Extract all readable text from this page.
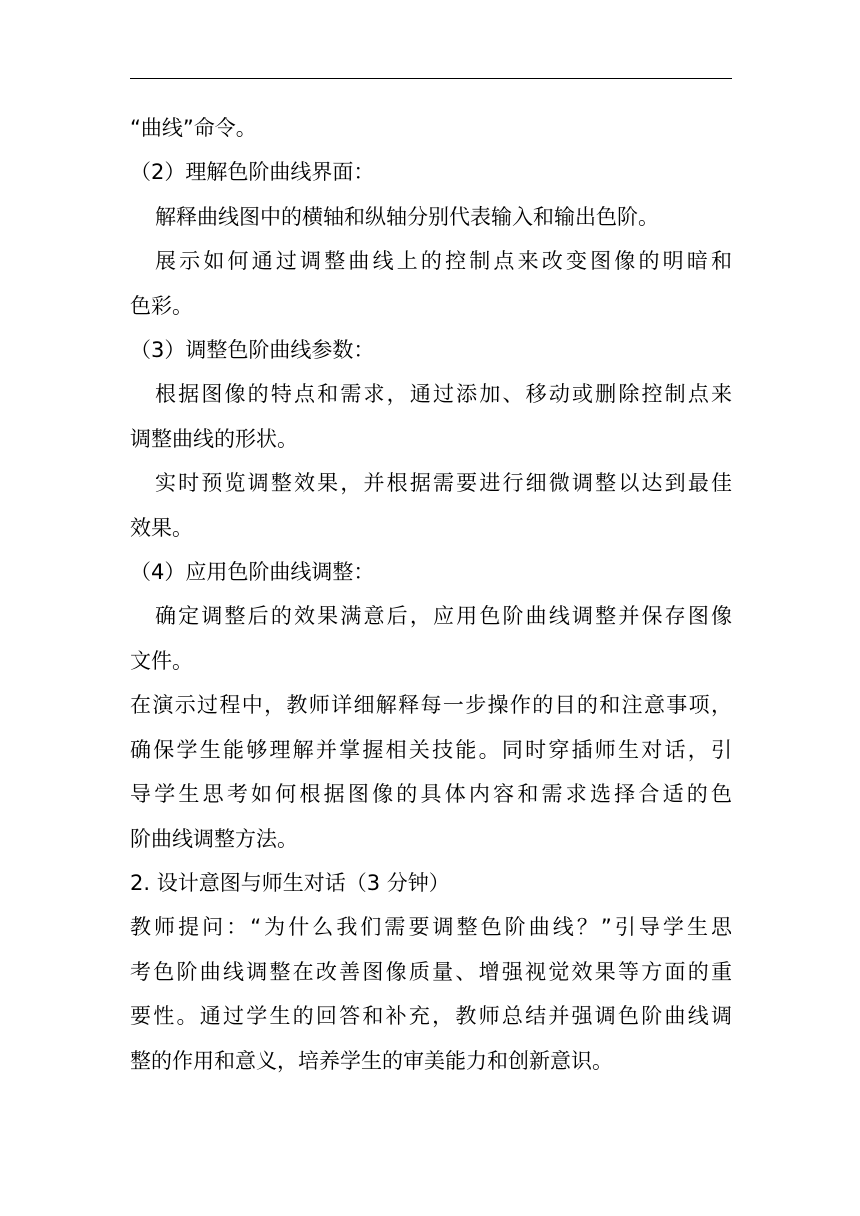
“曲线”命令。

（2）理解色阶曲线界面：

解释曲线图中的横轴和纵轴分别代表输入和输出色阶。

展示如何通过调整曲线上的控制点来改变图像的明暗和
色彩。

（3）调整色阶曲线参数：

根据图像的特点和需求，通过添加、移动或删除控制点来
调整曲线的形状。

实时预览调整效果，并根据需要进行细微调整以达到最佳
效果。

（4）应用色阶曲线调整：

确定调整后的效果满意后，应用色阶曲线调整并保存图像
文件。

在演示过程中，教师详细解释每一步操作的目的和注意事项，
确保学生能够理解并掌握相关技能。同时穿插师生对话，引
导学生思考如何根据图像的具体内容和需求选择合适的色
阶曲线调整方法。

2. 设计意图与师生对话（3 分钟）

教师提问：“为什么我们需要调整色阶曲线？”引导学生思
考色阶曲线调整在改善图像质量、增强视觉效果等方面的重
要性。通过学生的回答和补充，教师总结并强调色阶曲线调
整的作用和意义，培养学生的审美能力和创新意识。
